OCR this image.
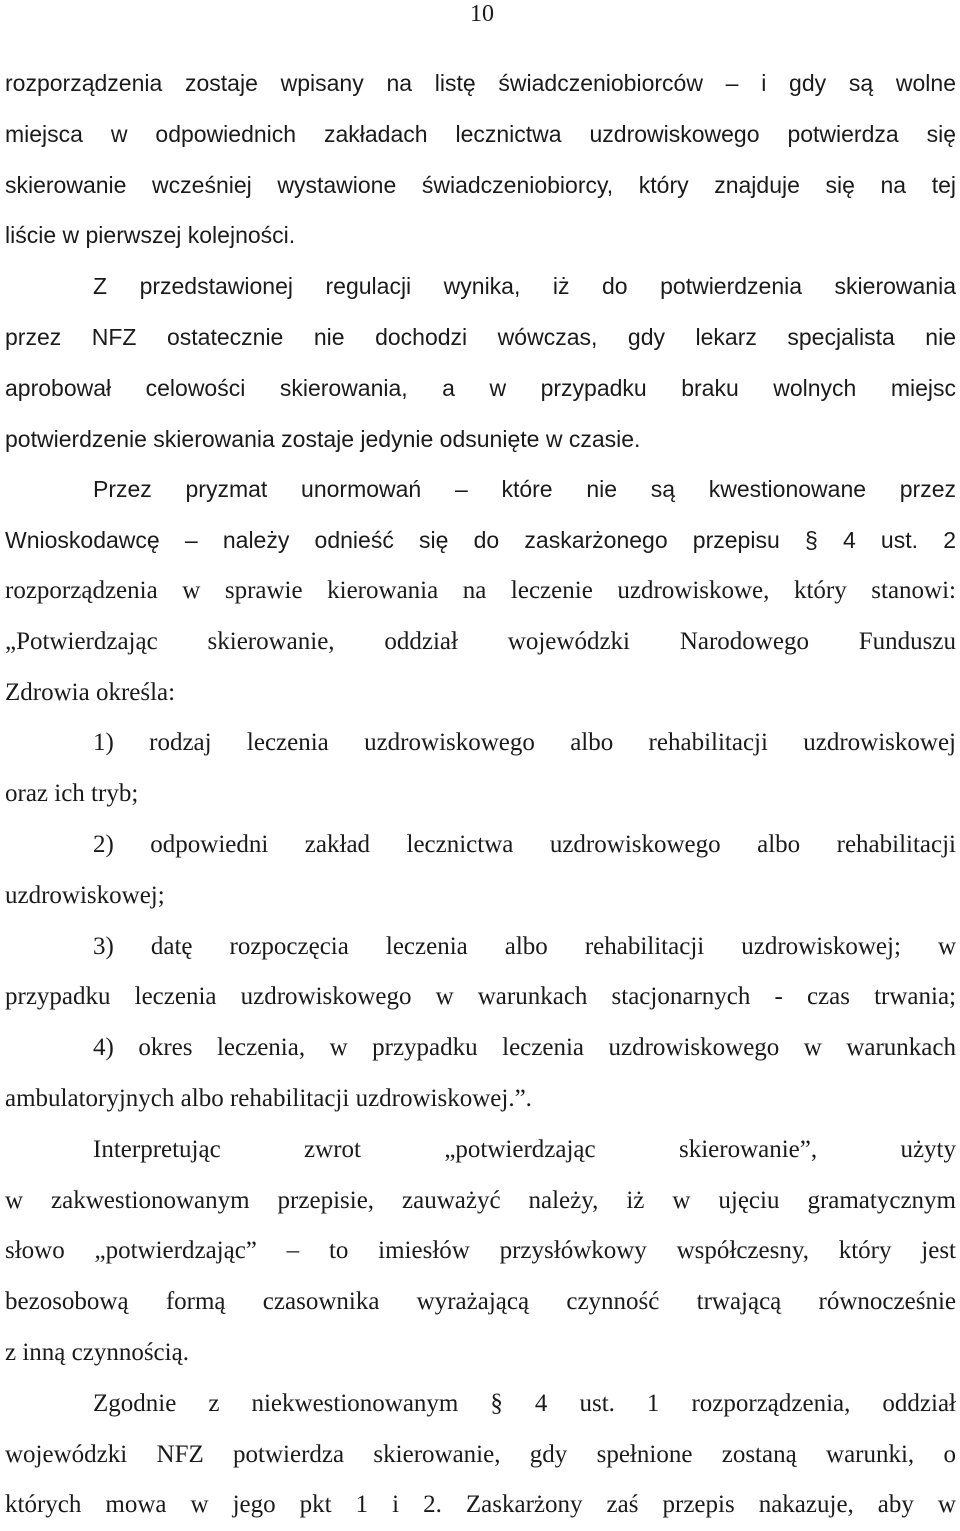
10
rozporządzenia zostaje wpisany na listę świadczeniobiorców – i gdy są wolne
miejsca w odpowiednich zakładach lecznictwa uzdrowiskowego potwierdza się
skierowanie wcześniej wystawione świadczeniobiorcy, który znajduje się na tej
liście w pierwszej kolejności.
Z przedstawionej regulacji wynika, iż do potwierdzenia skierowania
przez NFZ ostatecznie nie dochodzi wówczas, gdy lekarz specjalista nie
aprobował celowości skierowania, a w przypadku braku wolnych miejsc
potwierdzenie skierowania zostaje jedynie odsunięte w czasie.
Przez pryzmat unormowań – które nie są kwestionowane przez
Wnioskodawcę – należy odnieść się do zaskarżonego przepisu § 4 ust. 2
rozporządzenia w sprawie kierowania na leczenie uzdrowiskowe, który stanowi:
„Potwierdzając skierowanie, oddział wojewódzki Narodowego Funduszu
Zdrowia określa:
1) rodzaj leczenia uzdrowiskowego albo rehabilitacji uzdrowiskowej
oraz ich tryb;
2) odpowiedni zakład lecznictwa uzdrowiskowego albo rehabilitacji
uzdrowiskowej;
3) datę rozpoczęcia leczenia albo rehabilitacji uzdrowiskowej; w
przypadku leczenia uzdrowiskowego w warunkach stacjonarnych - czas trwania;
4) okres leczenia, w przypadku leczenia uzdrowiskowego w warunkach
ambulatoryjnych albo rehabilitacji uzdrowiskowej.”.
Interpretując zwrot „potwierdzając skierowanie”, użyty
w zakwestionowanym przepisie, zauważyć należy, iż w ujęciu gramatycznym
słowo „potwierdzając” – to imiesłów przysłówkowy współczesny, który jest
bezosobową formą czasownika wyrażającą czynność trwającą równocześnie
z inną czynnością.
Zgodnie z niekwestionowanym § 4 ust. 1 rozporządzenia, oddział
wojewódzki NFZ potwierdza skierowanie, gdy spełnione zostaną warunki, o
których mowa w jego pkt 1 i 2. Zaskarżony zaś przepis nakazuje, aby w
